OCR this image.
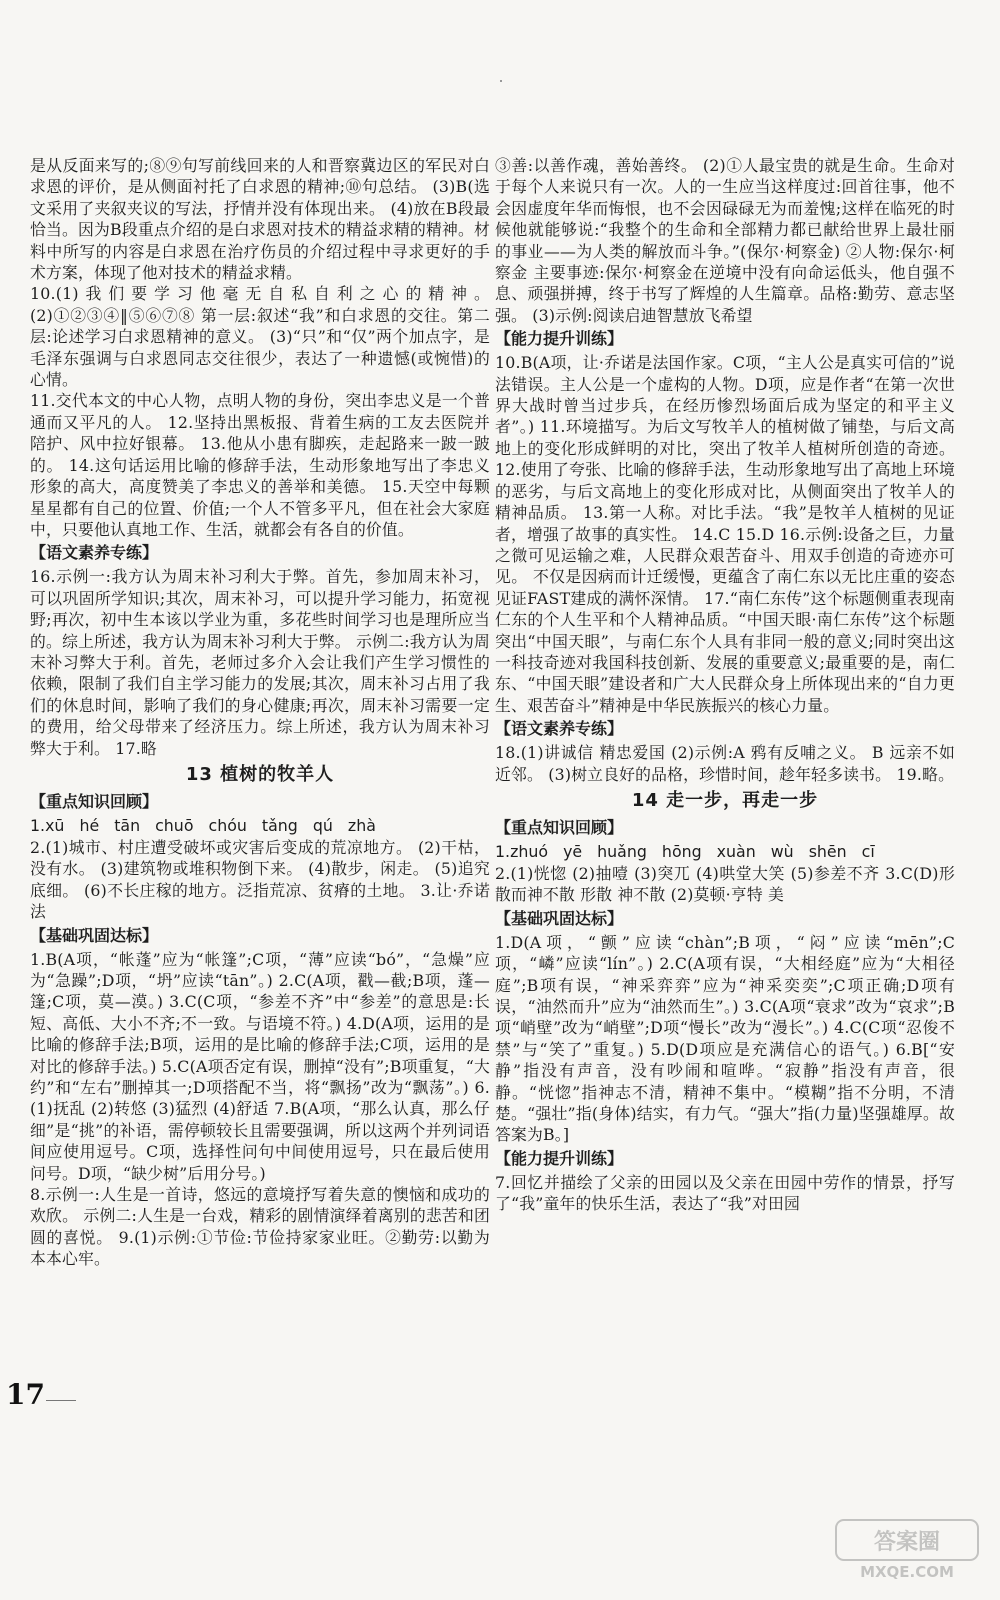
是从反面来写的;⑧⑨句写前线回来的人和晋察冀边区的军民对白求恩的评价，是从侧面衬托了白求恩的精神;⑩句总结。 (3)B(选文采用了夹叙夹议的写法，抒情并没有体现出来。 (4)放在B段最恰当。因为B段重点介绍的是白求恩对技术的精益求精的精神。材料中所写的内容是白求恩在治疗伤员的介绍过程中寻求更好的手术方案，体现了他对技术的精益求精。
10.(1)我们要学习他毫无自私自利之心的精神。 (2)①②③④‖⑤⑥⑦⑧ 第一层:叙述“我”和白求恩的交往。第二层:论述学习白求恩精神的意义。 (3)“只”和“仅”两个加点字，是毛泽东强调与白求恩同志交往很少，表达了一种遗憾(或惋惜)的心情。
11.交代本文的中心人物，点明人物的身份，突出李忠义是一个普通而又平凡的人。 12.坚持出黑板报、背着生病的工友去医院并陪护、风中拉好银幕。 13.他从小患有脚疾，走起路来一跛一跛的。 14.这句话运用比喻的修辞手法，生动形象地写出了李忠义形象的高大，高度赞美了李忠义的善举和美德。 15.天空中每颗星星都有自己的位置、价值;一个人不管多平凡，但在社会大家庭中，只要他认真地工作、生活，就都会有各自的价值。
【语文素养专练】
16.示例一:我方认为周末补习利大于弊。首先，参加周末补习，可以巩固所学知识;其次，周末补习，可以提升学习能力，拓宽视野;再次，初中生本该以学业为重，多花些时间学习也是理所应当的。综上所述，我方认为周末补习利大于弊。 示例二:我方认为周末补习弊大于利。首先，老师过多介入会让我们产生学习惯性的依赖，限制了我们自主学习能力的发展;其次，周末补习占用了我们的休息时间，影响了我们的身心健康;再次，周末补习需要一定的费用，给父母带来了经济压力。综上所述，我方认为周末补习弊大于利。 17.略
13 植树的牧羊人
【重点知识回顾】
1.xū hé tān chuō chóu tǎng qú zhà
2.(1)城市、村庄遭受破坏或灾害后变成的荒凉地方。 (2)干枯，没有水。 (3)建筑物或堆积物倒下来。 (4)散步，闲走。 (5)追究底细。 (6)不长庄稼的地方。泛指荒凉、贫瘠的土地。 3.让·乔诺 法
【基础巩固达标】
1.B(A项，“帐蓬”应为“帐篷”;C项，“薄”应读“bó”，“急燥”应为“急躁”;D项，“坍”应读“tān”。) 2.C(A项，戳—截;B项，蓬—篷;C项，莫—漠。) 3.C(C项，“参差不齐”中“参差”的意思是:长短、高低、大小不齐;不一致。与语境不符。) 4.D(A项，运用的是比喻的修辞手法;B项，运用的是比喻的修辞手法;C项，运用的是对比的修辞手法。) 5.C(A项否定有误，删掉“没有”;B项重复，“大约”和“左右”删掉其一;D项搭配不当，将“飘扬”改为“飘荡”。) 6.(1)抚乱 (2)转悠 (3)猛烈 (4)舒适 7.B(A项，“那么认真，那么仔细”是“挑”的补语，需停顿较长且需要强调，所以这两个并列词语间应使用逗号。C项，选择性问句中间使用逗号，只在最后使用问号。D项，“缺少树”后用分号。)
8.示例一:人生是一首诗，悠远的意境抒写着失意的懊恼和成功的欢欣。 示例二:人生是一台戏，精彩的剧情演绎着离别的悲苦和团圆的喜悦。 9.(1)示例:①节俭:节俭持家家业旺。②勤劳:以勤为本本心牢。
③善:以善作魂，善始善终。 (2)①人最宝贵的就是生命。生命对于每个人来说只有一次。人的一生应当这样度过:回首往事，他不会因虚度年华而悔恨，也不会因碌碌无为而羞愧;这样在临死的时候他就能够说:“我整个的生命和全部精力都已献给世界上最壮丽的事业——为人类的解放而斗争。”(保尔·柯察金) ②人物:保尔·柯察金 主要事迹:保尔·柯察金在逆境中没有向命运低头，他自强不息、顽强拼搏，终于书写了辉煌的人生篇章。品格:勤劳、意志坚强。 (3)示例:阅读启迪智慧放飞希望
【能力提升训练】
10.B(A项，让·乔诺是法国作家。C项，“主人公是真实可信的”说法错误。主人公是一个虚构的人物。D项，应是作者“在第一次世界大战时曾当过步兵，在经历惨烈场面后成为坚定的和平主义者”。) 11.环境描写。为后文写牧羊人的植树做了铺垫，与后文高地上的变化形成鲜明的对比，突出了牧羊人植树所创造的奇迹。 12.使用了夸张、比喻的修辞手法，生动形象地写出了高地上环境的恶劣，与后文高地上的变化形成对比，从侧面突出了牧羊人的精神品质。 13.第一人称。对比手法。“我”是牧羊人植树的见证者，增强了故事的真实性。 14.C 15.D 16.示例:设备之巨，力量之微可见运输之难，人民群众艰苦奋斗、用双手创造的奇迹亦可见。 不仅是因病而计迁缓慢，更蕴含了南仁东以无比庄重的姿态见证FAST建成的满怀深情。 17.“南仁东传”这个标题侧重表现南仁东的个人生平和个人精神品质。“中国天眼·南仁东传”这个标题突出“中国天眼”，与南仁东个人具有非同一般的意义;同时突出这一科技奇迹对我国科技创新、发展的重要意义;最重要的是，南仁东、“中国天眼”建设者和广大人民群众身上所体现出来的“自力更生、艰苦奋斗”精神是中华民族振兴的核心力量。
【语文素养专练】
18.(1)讲诚信 精忠爱国 (2)示例:A 鸦有反哺之义。 B 远亲不如近邻。 (3)树立良好的品格，珍惜时间，趁年轻多读书。 19.略。
14 走一步，再走一步
【重点知识回顾】
1.zhuó yē huǎng hōng xuàn wù shēn cī
2.(1)恍惚 (2)抽噎 (3)突兀 (4)哄堂大笑 (5)参差不齐 3.C(D)形散而神不散 形散 神不散 (2)莫顿·亨特 美
【基础巩固达标】
1.D(A项，“颤”应读“chàn”;B项，“闷”应读“mēn”;C项，“嶙”应读“lín”。) 2.C(A项有误，“大相经庭”应为“大相径庭”;B项有误，“神采弈弈”应为“神采奕奕”;C项正确;D项有误，“油然而升”应为“油然而生”。) 3.C(A项“衰求”改为“哀求”;B项“峭壁”改为“峭壁”;D项“慢长”改为“漫长”。) 4.C(C项“忍俊不禁”与“笑了”重复。) 5.D(D项应是充满信心的语气。) 6.B[“安静”指没有声音，没有吵闹和喧哗。“寂静”指没有声音，很静。“恍惚”指神志不清，精神不集中。“模糊”指不分明，不清楚。“强壮”指(身体)结实，有力气。“强大”指(力量)坚强雄厚。故答案为B。]
【能力提升训练】
7.回忆并描绘了父亲的田园以及父亲在田园中劳作的情景，抒写了“我”童年的快乐生活，表达了“我”对田园
17
答案圈
MXQE.COM
